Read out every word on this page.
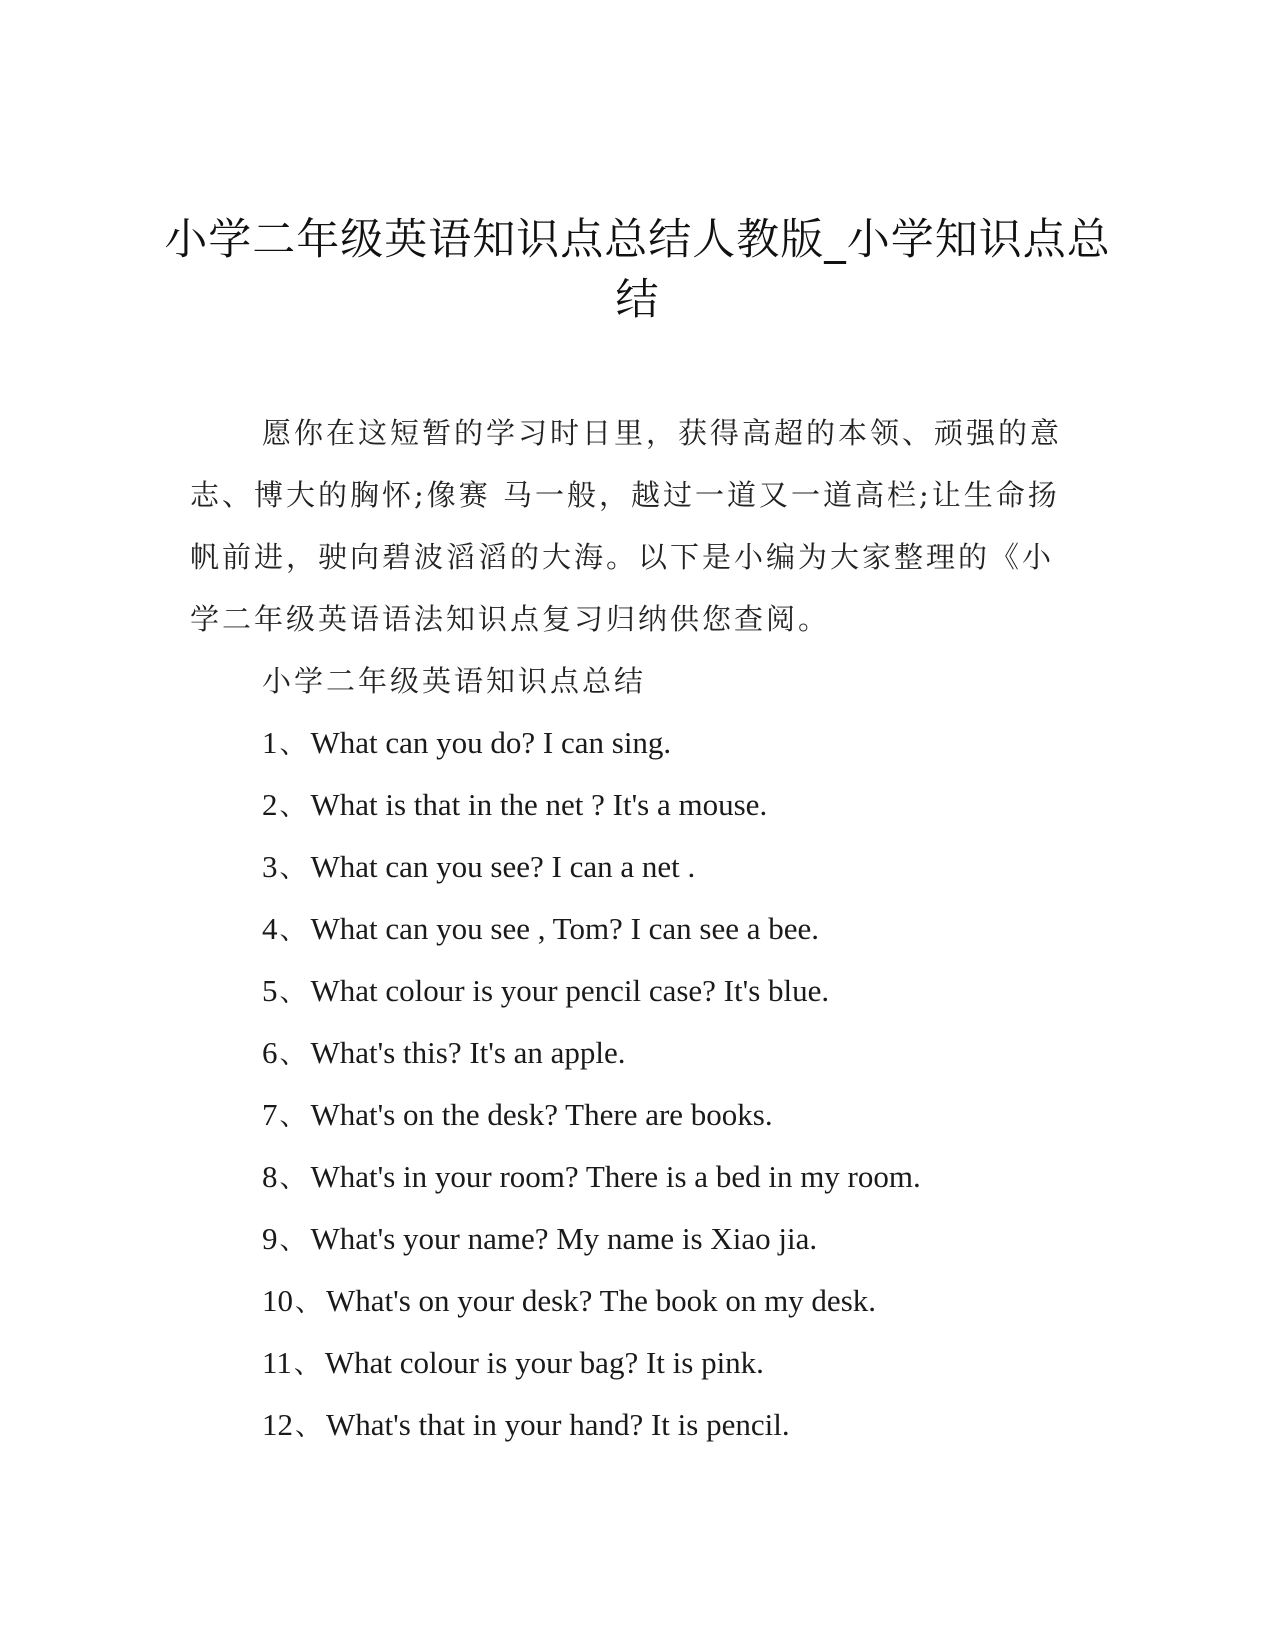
小学二年级英语知识点总结人教版_小学知识点总结

愿你在这短暂的学习时日里，获得高超的本领、顽强的意志、博大的胸怀;像赛 马一般，越过一道又一道高栏;让生命扬帆前进，驶向碧波滔滔的大海。以下是小编为大家整理的《小学二年级英语语法知识点复习归纳供您查阅。

小学二年级英语知识点总结
1、 What can you do? I can sing.
2、 What is that in the net ? It's a mouse.
3、 What can you see? I can a net .
4、 What can you see , Tom? I can see a bee.
5、 What colour is your pencil case? It's blue.
6、 What's this? It's an apple.
7、 What's on the desk? There are books.
8、 What's in your room? There is a bed in my room.
9、 What's your name? My name is Xiao jia.
10、 What's on your desk? The book on my desk.
11、 What colour is your bag? It is pink.
12、 What's that in your hand? It is pencil.
